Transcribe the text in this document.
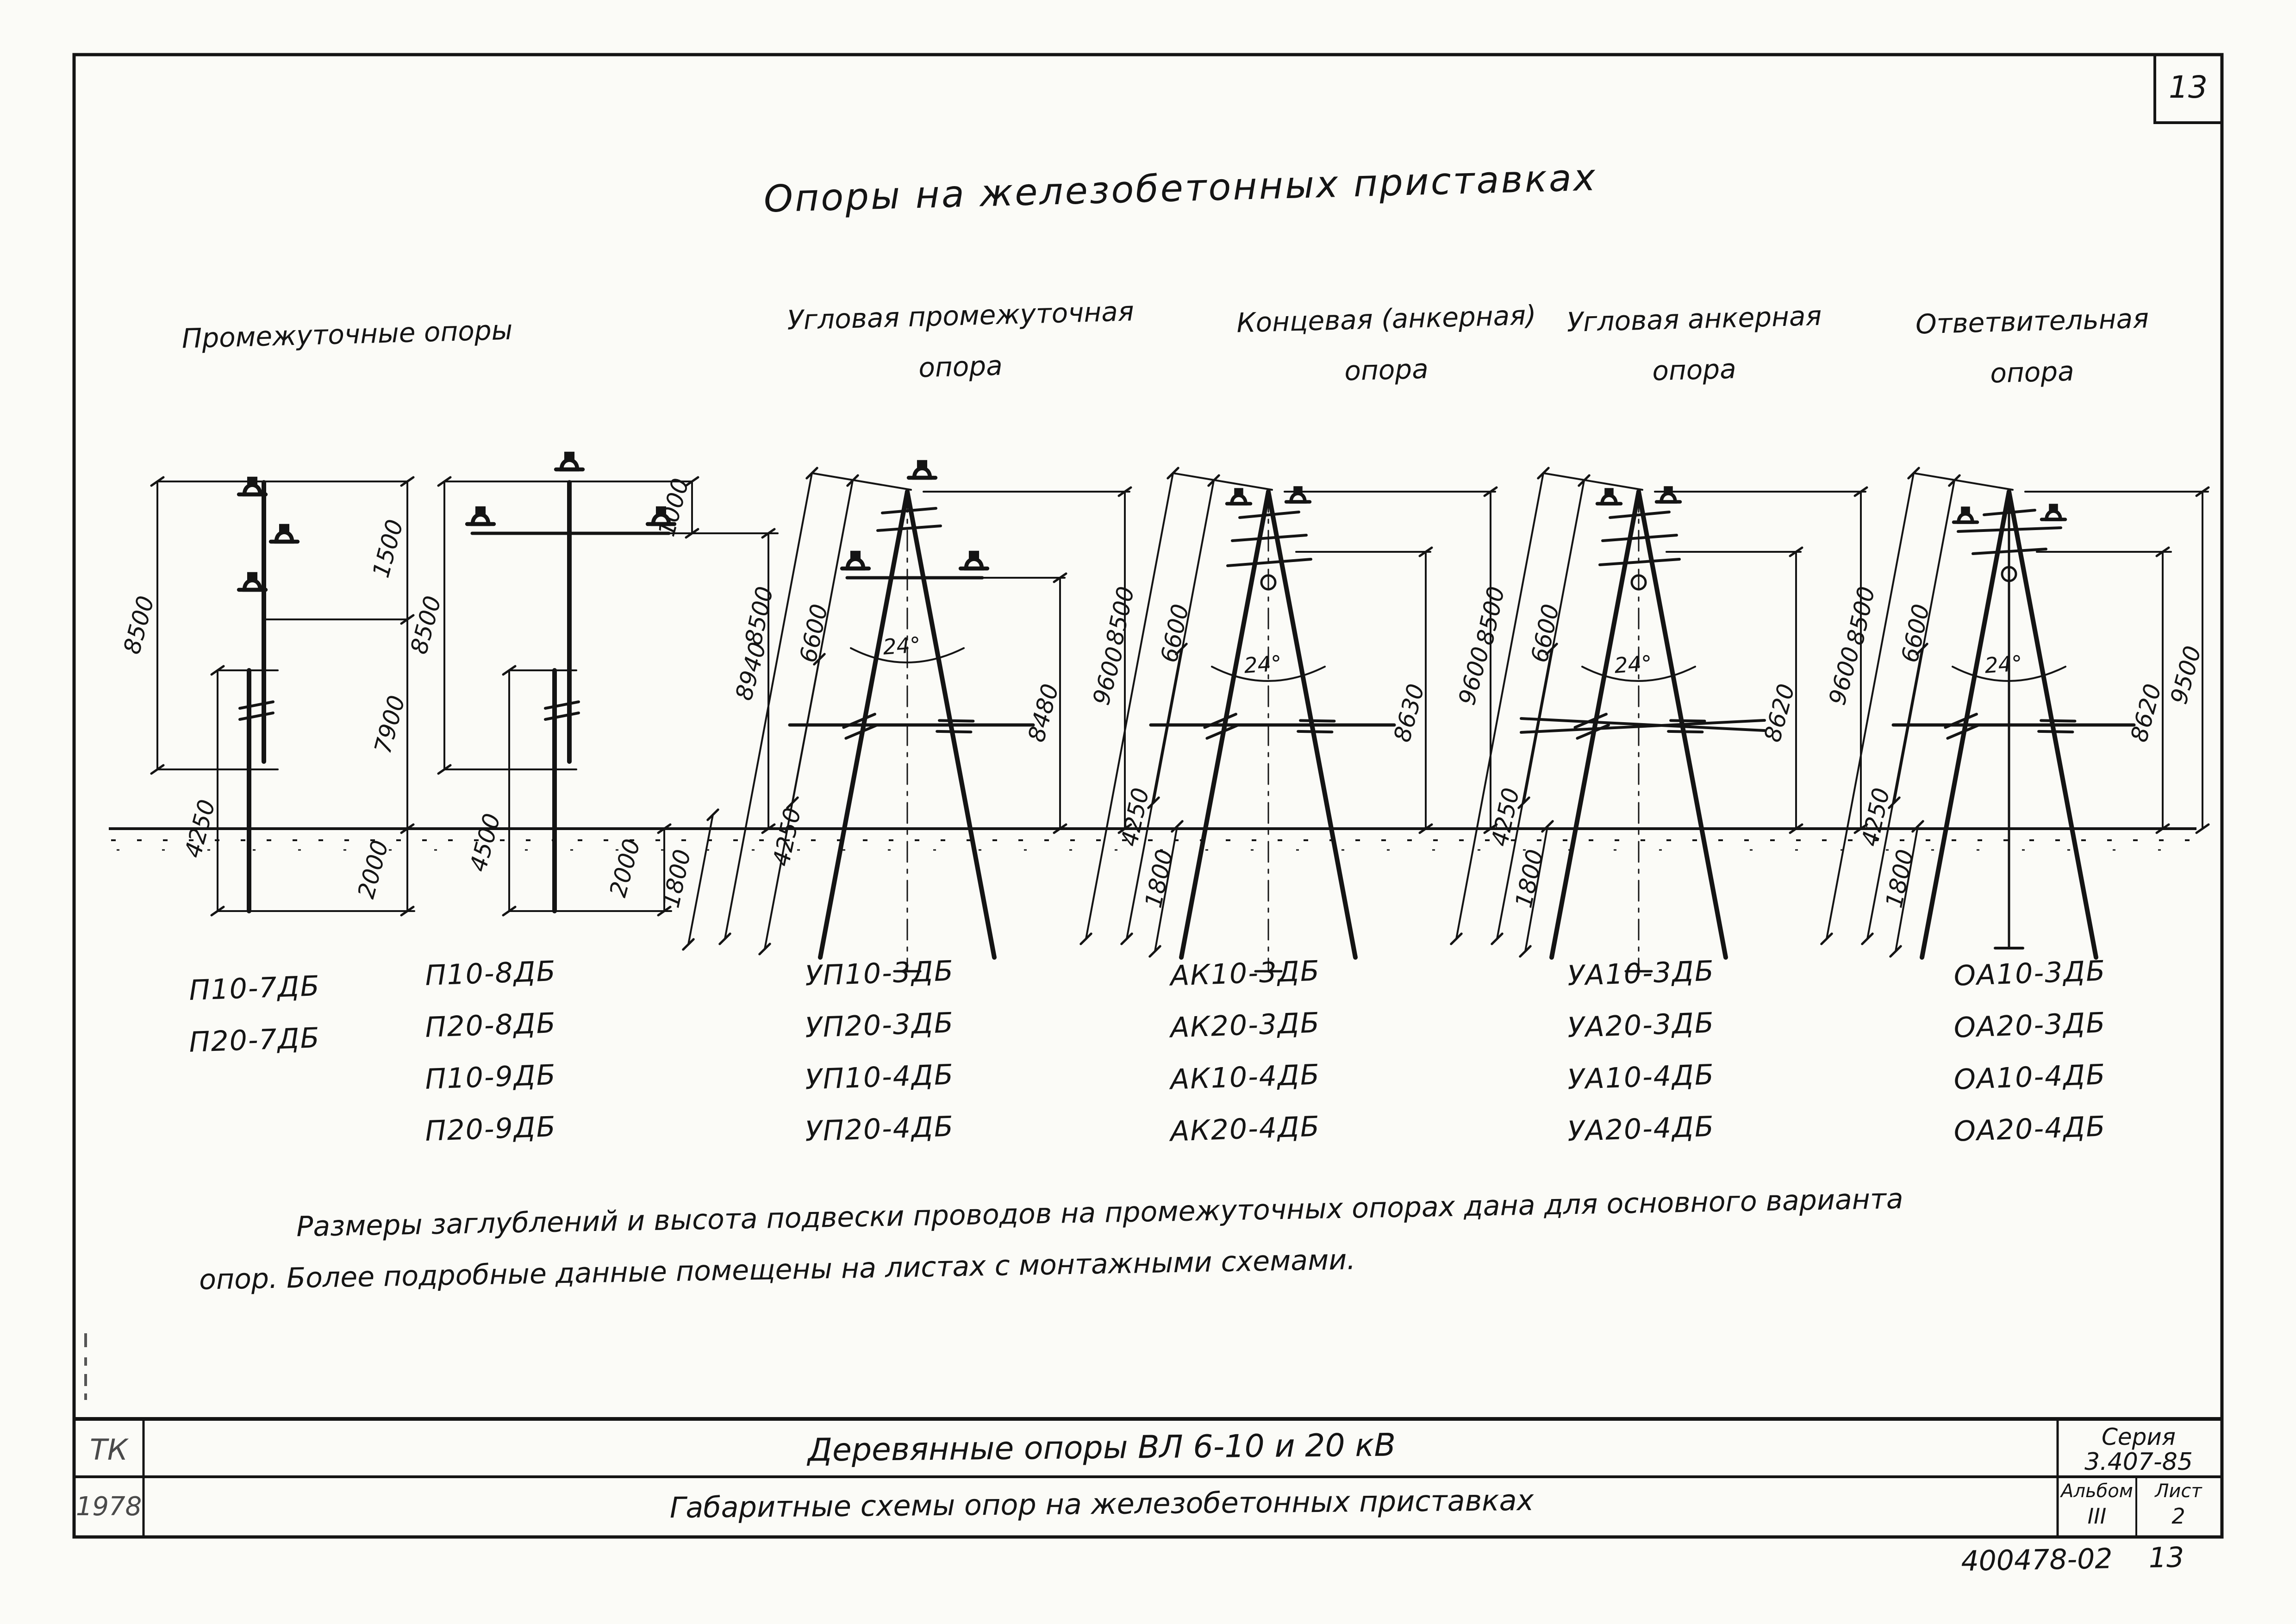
13
Опоры на железобетонных приставках
Промежуточные опоры	Угловая промежуточная
опора
Концевая (анкерная)
опора
Угловая анкерная
опора
Ответвительная
опора
8500
1500
7900
4250
2000
8500
1000
8940
4500	2000
8500 6600 24°
8480
9600
1800
4250
8500 6600 24°
8630
9600
4250
1800
8500 6600 24°
8620
9600
4250
1800
8500 6600 24°
8620
9500
4250
1800
П10-7ДБ
П20-7ДБ
П10-8ДБ
П20-8ДБ
П10-9ДБ
П20-9ДБ
УП10-3ДБ
УП20-3ДБ
УП10-4ДБ
УП20-4ДБ
АК10-3ДБ
АК20-3ДБ
АК10-4ДБ
АК20-4ДБ
УА10-3ДБ
УА20-3ДБ
УА10-4ДБ
УА20-4ДБ
ОА10-3ДБ
ОА20-3ДБ
ОА10-4ДБ
ОА20-4ДБ
Размеры заглублений и высота подвески проводов на промежуточных опорах дана для основного варианта
опор. Более подробные данные помещены на листах с монтажными схемами.
ТК
1978
Деревянные опоры ВЛ 6-10 и 20 кВ
Габаритные схемы опор на железобетонных приставках
Серия
3.407-85
Альбом
III
Лист
2
400478-02 13
